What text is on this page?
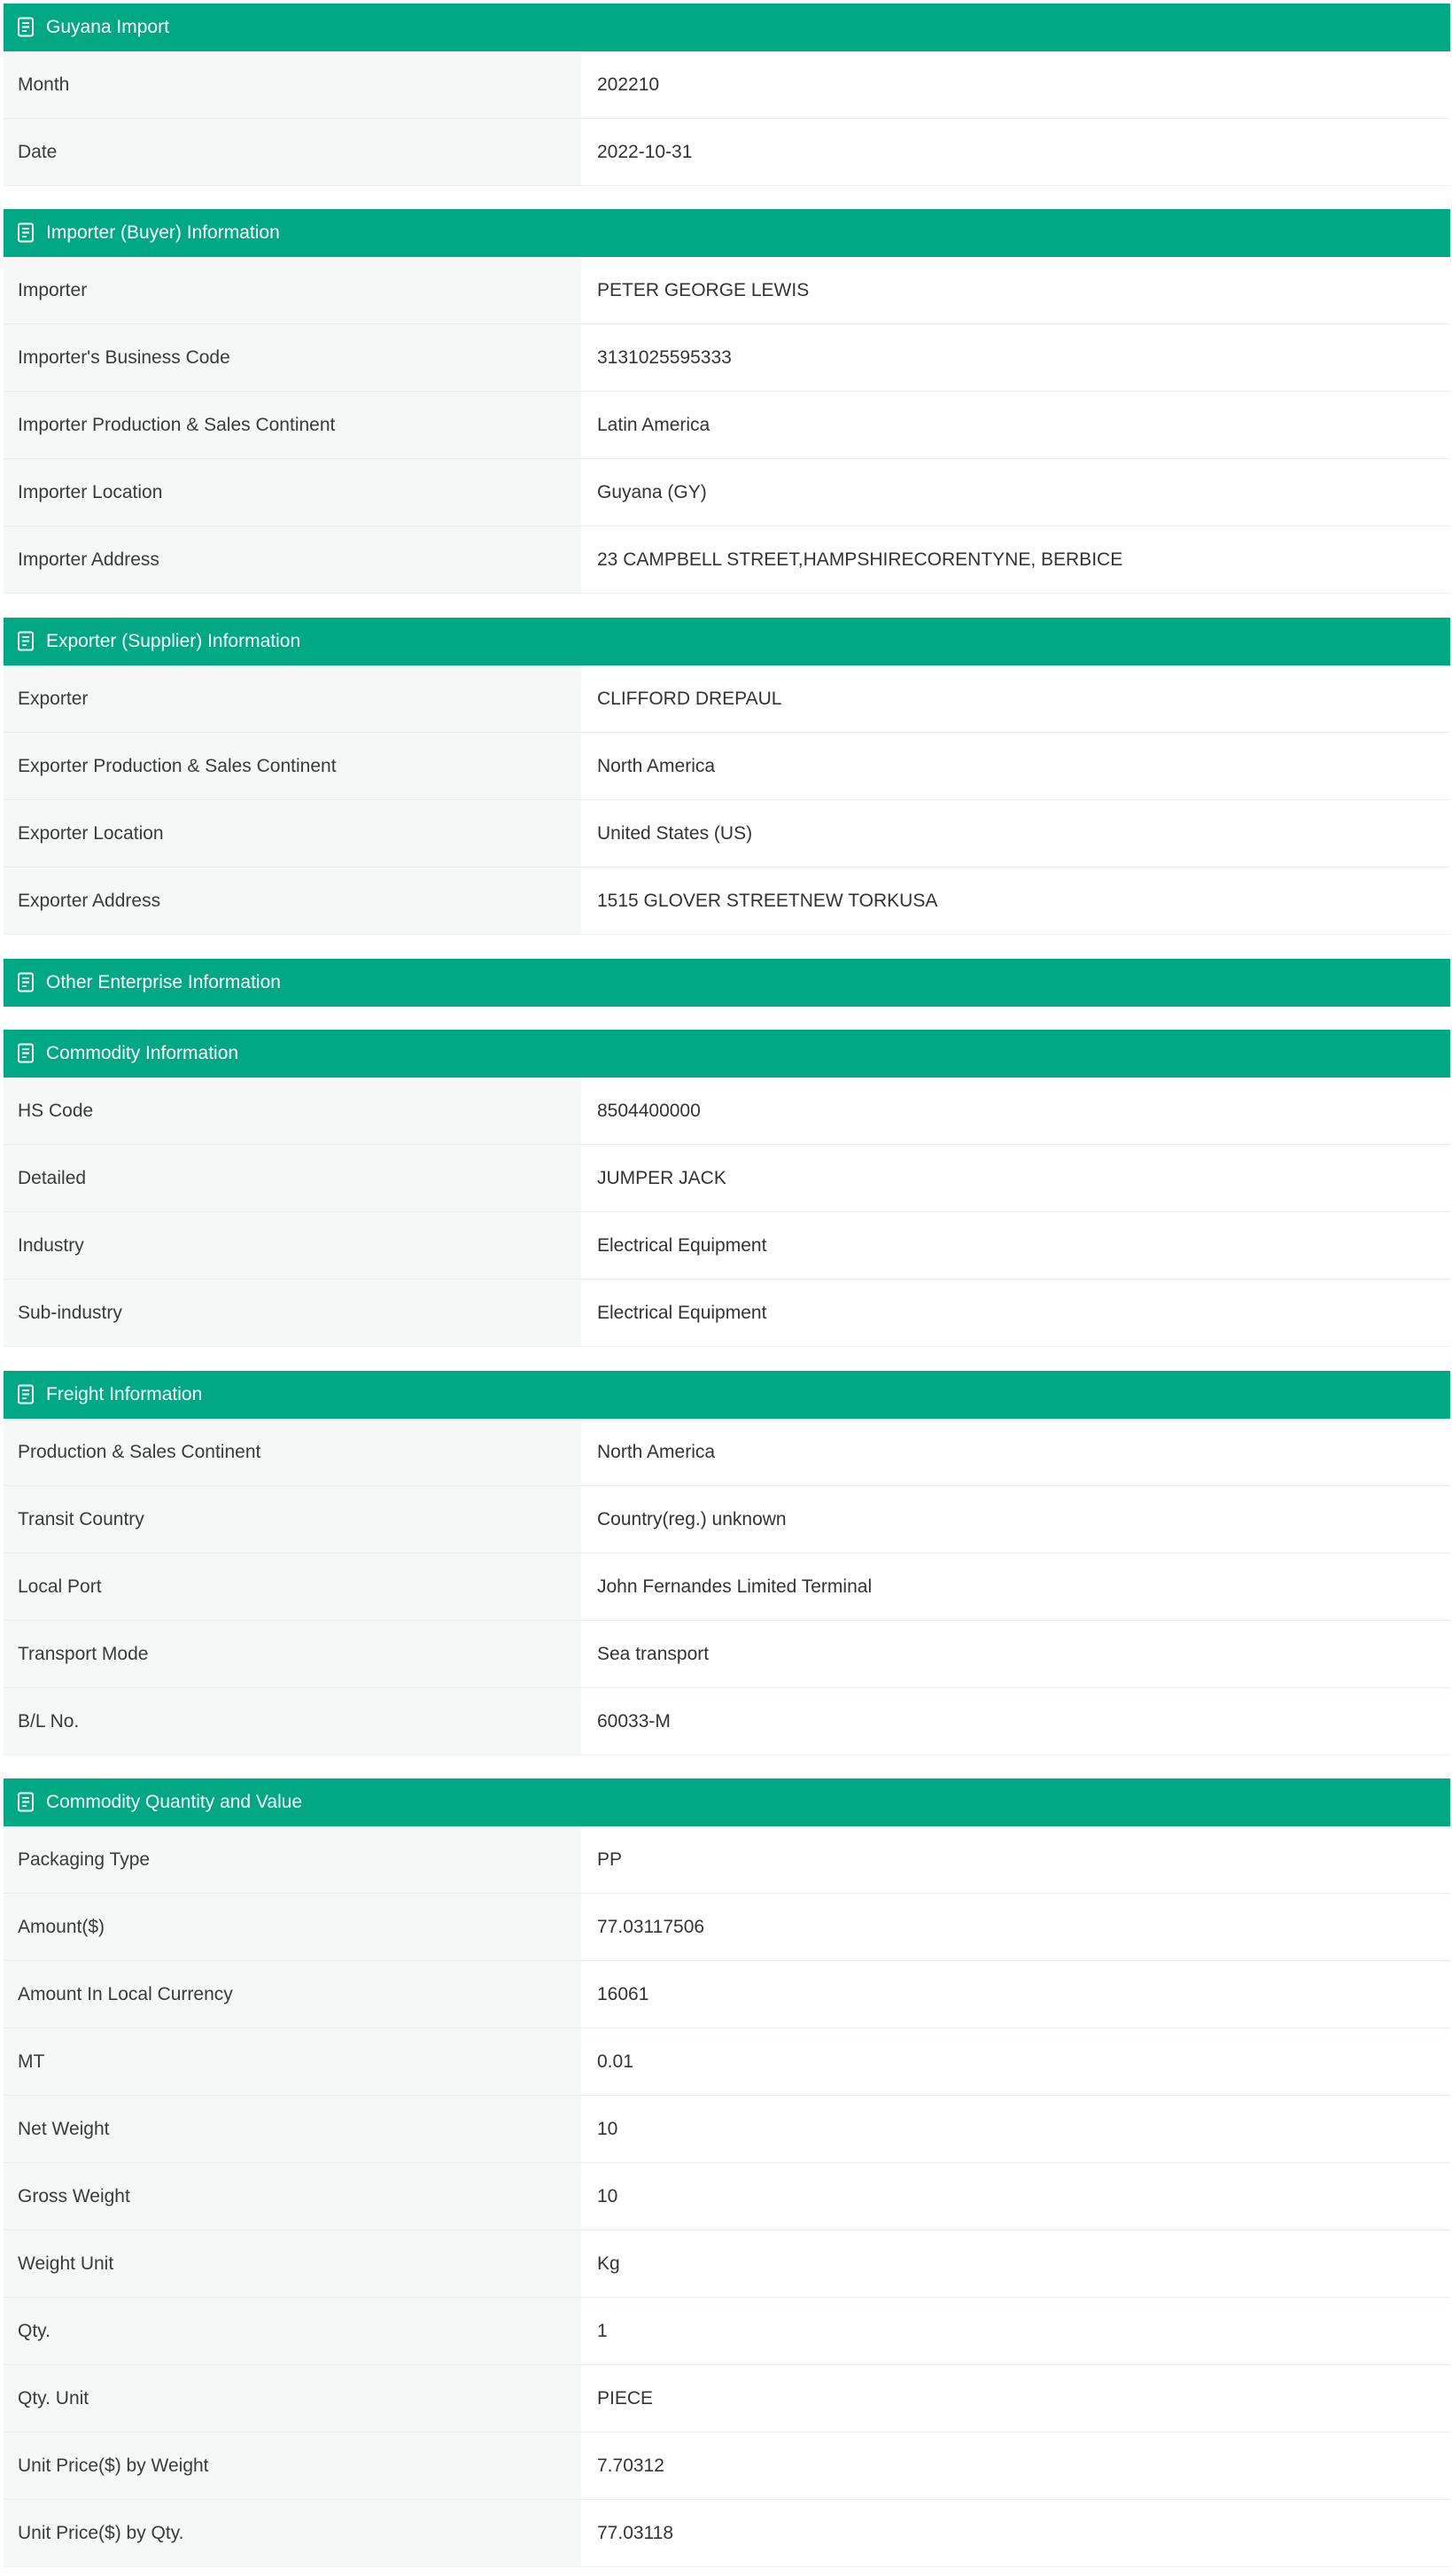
Guyana Import
Month	202210
Date	2022-10-31
Importer (Buyer) Information
Importer	PETER GEORGE LEWIS
Importer's Business Code	3131025595333
Importer Production & Sales Continent	Latin America
Importer Location	Guyana (GY)
Importer Address	23 CAMPBELL STREET,HAMPSHIRECORENTYNE, BERBICE
Exporter (Supplier) Information
Exporter	CLIFFORD DREPAUL
Exporter Production & Sales Continent	North America
Exporter Location	United States (US)
Exporter Address	1515 GLOVER STREETNEW TORKUSA
Other Enterprise Information
Commodity Information
HS Code	8504400000
Detailed	JUMPER JACK
Industry	Electrical Equipment
Sub-industry	Electrical Equipment
Freight Information
Production & Sales Continent	North America
Transit Country	Country(reg.) unknown
Local Port	John Fernandes Limited Terminal
Transport Mode	Sea transport
B/L No.	60033-M
Commodity Quantity and Value
Packaging Type	PP
Amount($)	77.03117506
Amount In Local Currency	16061
MT	0.01
Net Weight	10
Gross Weight	10
Weight Unit	Kg
Qty.	1
Qty. Unit	PIECE
Unit Price($) by Weight	7.70312
Unit Price($) by Qty.	77.03118
